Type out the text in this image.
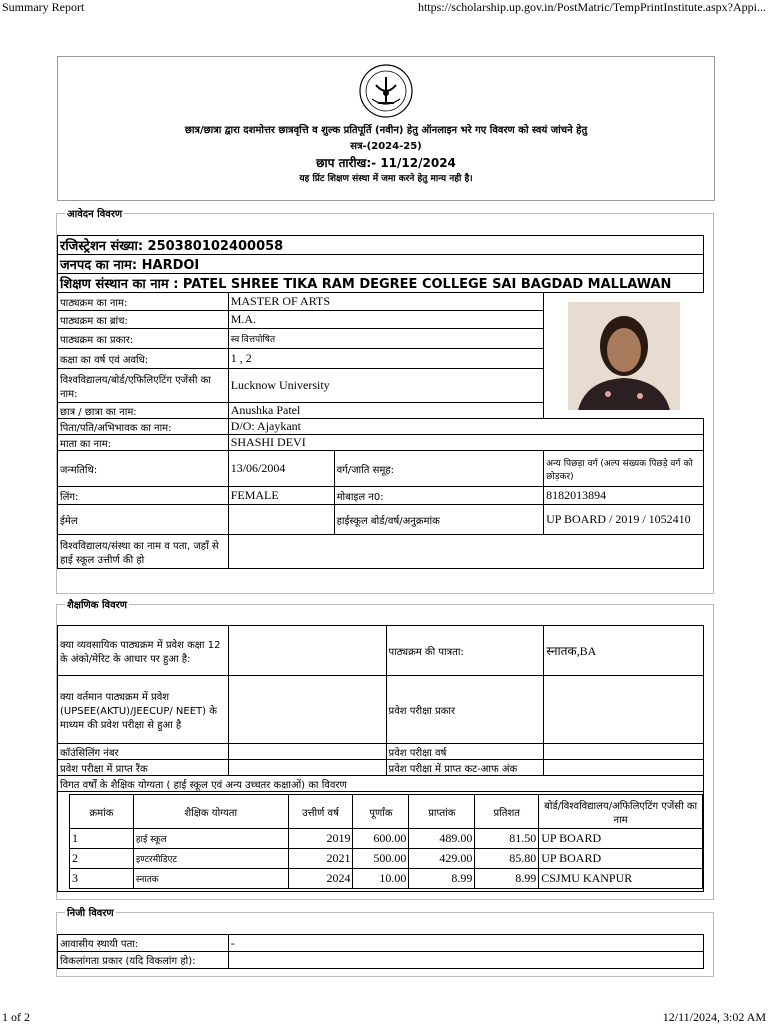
Summary Report	https://scholarship.up.gov.in/PostMatric/TempPrintInstitute.aspx?Appi...
छात्र/छात्रा द्वारा दशमोत्तर छात्रवृत्ति व शुल्क प्रतिपूर्ति (नवीन) हेतु ऑनलाइन भरे गए विवरण को स्वयं जांचने हेतु
सत्र-(2024-25)
छाप तारीख:- 11/12/2024
यह प्रिंट शिक्षण संस्था में जमा करने हेतु मान्य नही है।
आवेदन विवरण
रजिस्ट्रेशन संख्या: 250380102400058			
जनपद का नाम: HARDOI			
शिक्षण संस्थान का नाम : PATEL SHREE TIKA RAM DEGREE COLLEGE SAI BAGDAD MALLAWAN			
पाठ्यक्रम का नाम:	MASTER OF ARTS	

पाठ्यक्रम का ब्रांच:	M.A.		
पाठ्यक्रम का प्रकार:	स्व वित्तपोषित		
कक्षा का वर्ष एवं अवधि:	1 , 2		
विश्वविद्यालय/बोर्ड/एफिलिएटिंग एजेंसी का नाम:	Lucknow University		
छात्र / छात्रा का नाम:	Anushka Patel		
पिता/पति/अभिभावक का नाम:	D/O: Ajaykant		
माता का नाम:	SHASHI DEVI		
जन्मतिथि:	13/06/2004	वर्ग/जाति समूह:	अन्य पिछड़ा वर्ग (अल्प संख्यक पिछड़े वर्ग को छोड़कर)
लिंग:	FEMALE	मोबाइल न0:	8182013894
ईमेल		हाईस्कूल बोर्ड/वर्ष/अनुक्रमांक	UP BOARD / 2019 / 1052410
विश्वविद्यालय/संस्था का नाम व पता, जहाँ से हाई स्कूल उत्तीर्ण की हो			
शैक्षणिक विवरण
क्या व्यवसायिक पाठ्यक्रम में प्रवेश कक्षा 12 के अंको/मेरिट के आधार पर हुआ है:		पाठ्यक्रम की पात्रता:	स्नातक,BA
क्या वर्तमान पाठ्यक्रम में प्रवेश (UPSEE(AKTU)/JEECUP/ NEET) के माध्यम की प्रवेश परीक्षा से हुआ है		प्रवेश परीक्षा प्रकार	
कॉउंसिलिंग नंबर		प्रवेश परीक्षा वर्ष	
प्रवेश परीक्षा में प्राप्त रैंक		प्रवेश परीक्षा में प्राप्त कट-आफ अंक	
विगत वर्षों के शैक्षिक योग्यता ( हाई स्कूल एवं अन्य उच्चतर कक्षाओं) का विवरण

क्रमांक	शैक्षिक योग्यता	उत्तीर्ण वर्ष	पूर्णांक	प्राप्तांक	प्रतिशत	बोर्ड/विश्वविद्यालय/अफिलिएटिंग एजेंसी का नाम
1	हाई स्कूल	2019	600.00	489.00	81.50	UP BOARD
2	इण्टरमीडिएट	2021	500.00	429.00	85.80	UP BOARD
3	स्नातक	2024	10.00	8.99	8.99	CSJMU KANPUR
निजी विवरण
आवासीय स्थायी पता:	-
विकलांगता प्रकार (यदि विकलांग हो):	
1 of 2	12/11/2024, 3:02 AM
